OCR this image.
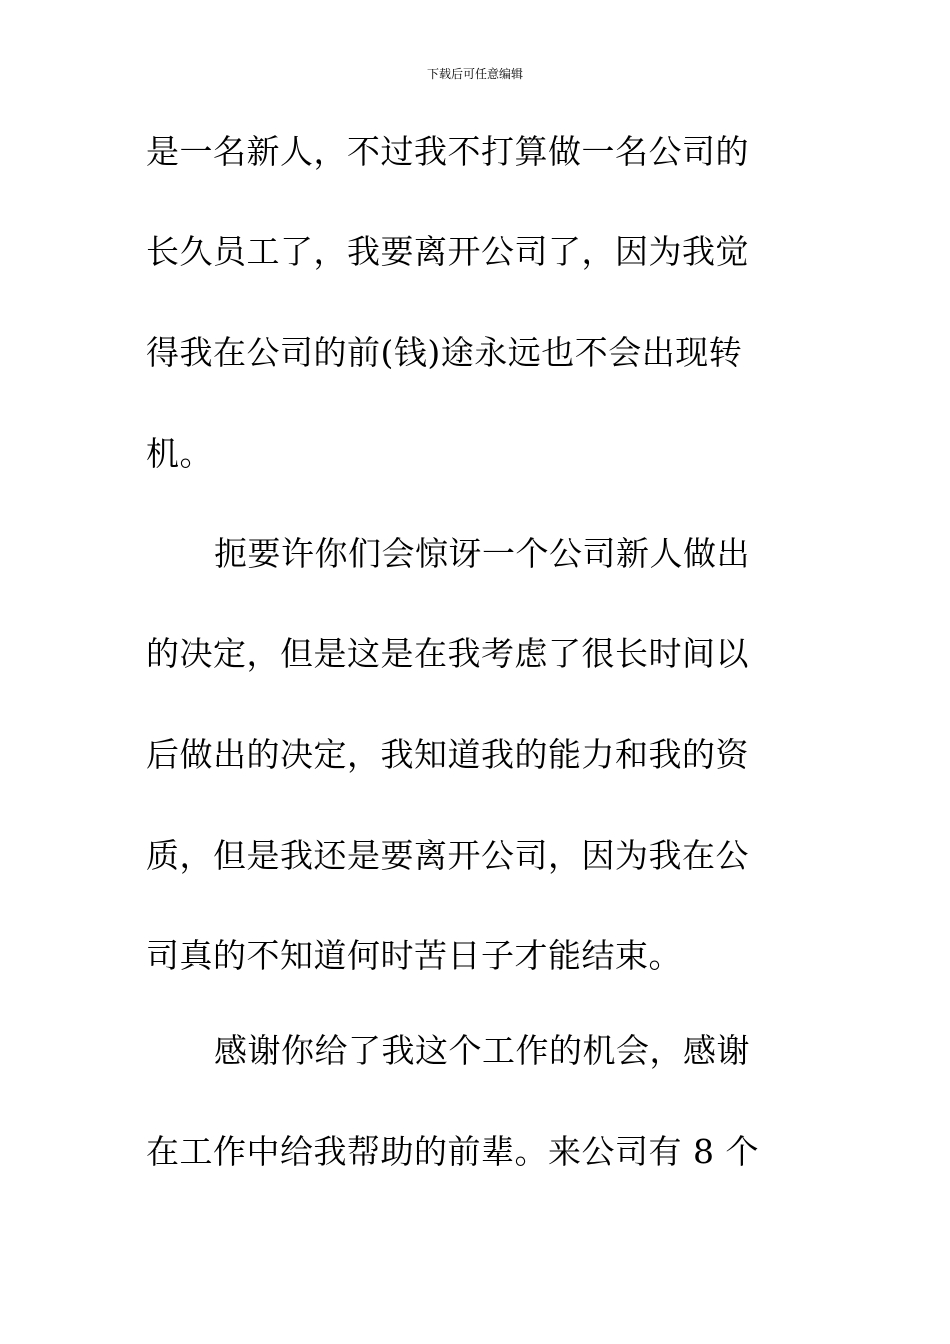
下载后可任意编辑
是一名新人，不过我不打算做一名公司的
长久员工了，我要离开公司了，因为我觉
得我在公司的前(钱)途永远也不会出现转
机。
扼要许你们会惊讶一个公司新人做出
的决定，但是这是在我考虑了很长时间以
后做出的决定，我知道我的能力和我的资
质，但是我还是要离开公司，因为我在公
司真的不知道何时苦日子才能结束。
感谢你给了我这个工作的机会，感谢
在工作中给我帮助的前辈。来公司有 8 个
